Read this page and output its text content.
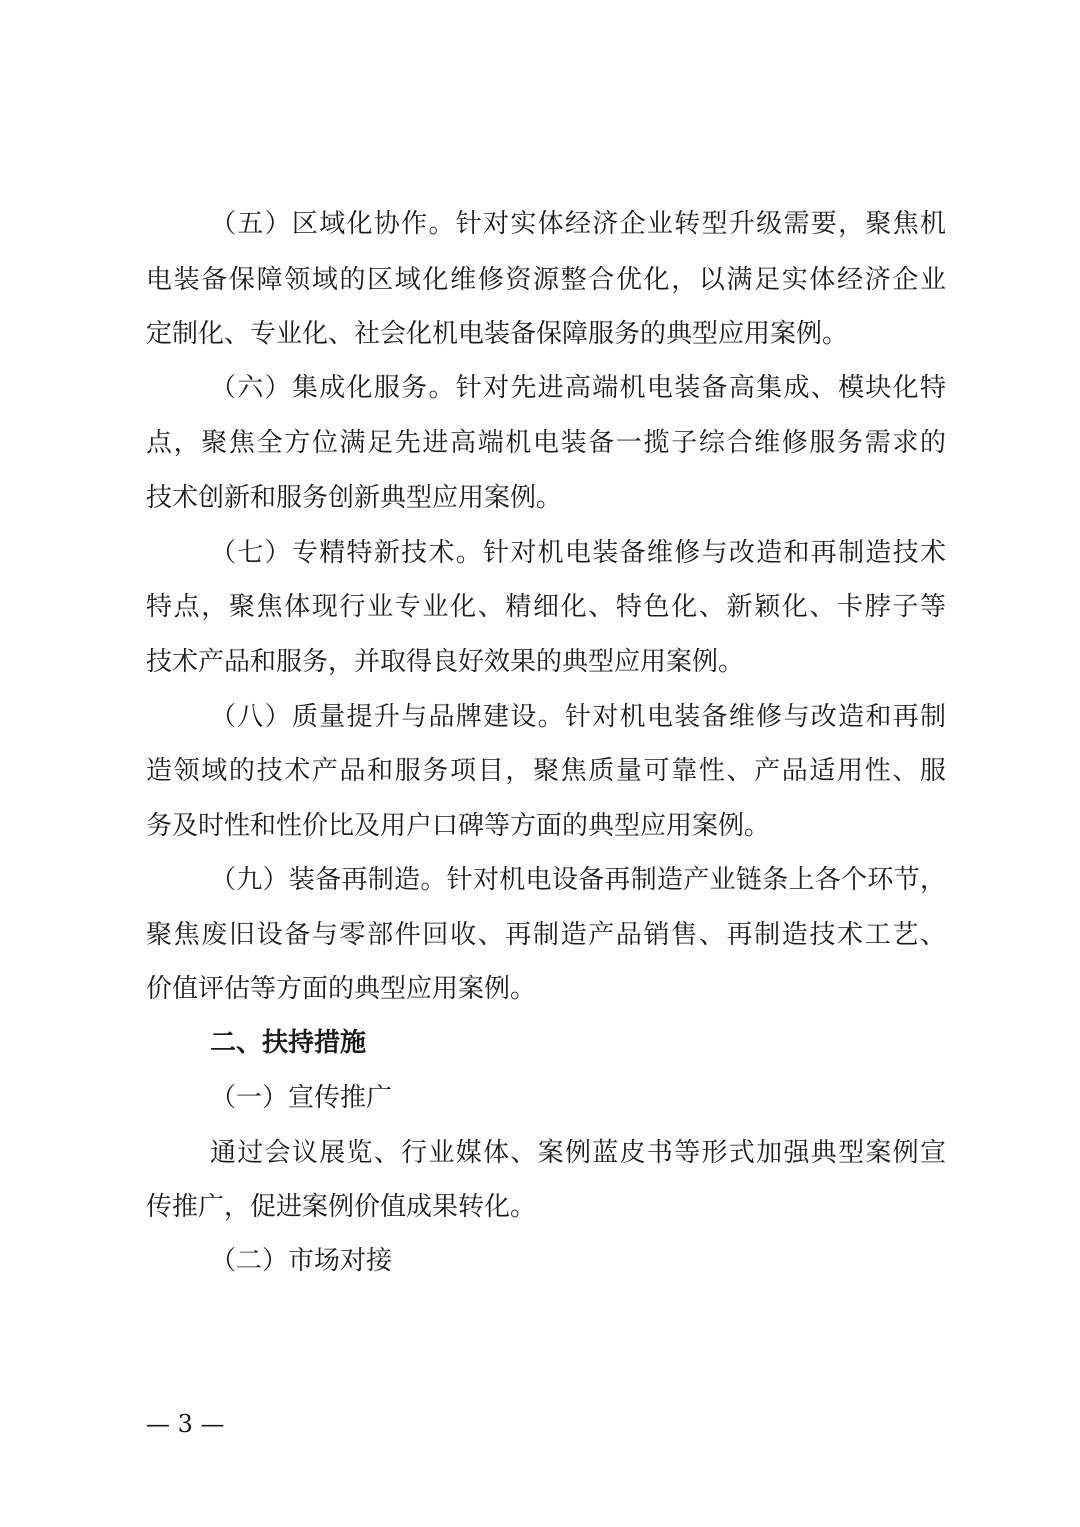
（五）区域化协作。针对实体经济企业转型升级需要，聚焦机
电装备保障领域的区域化维修资源整合优化，以满足实体经济企业
定制化、专业化、社会化机电装备保障服务的典型应用案例。
（六）集成化服务。针对先进高端机电装备高集成、模块化特
点，聚焦全方位满足先进高端机电装备一揽子综合维修服务需求的
技术创新和服务创新典型应用案例。
（七）专精特新技术。针对机电装备维修与改造和再制造技术
特点，聚焦体现行业专业化、精细化、特色化、新颖化、卡脖子等
技术产品和服务，并取得良好效果的典型应用案例。
（八）质量提升与品牌建设。针对机电装备维修与改造和再制
造领域的技术产品和服务项目，聚焦质量可靠性、产品适用性、服
务及时性和性价比及用户口碑等方面的典型应用案例。
（九）装备再制造。针对机电设备再制造产业链条上各个环节，
聚焦废旧设备与零部件回收、再制造产品销售、再制造技术工艺、
价值评估等方面的典型应用案例。
二、扶持措施
（一）宣传推广
通过会议展览、行业媒体、案例蓝皮书等形式加强典型案例宣
传推广，促进案例价值成果转化。
（二）市场对接
— 3 —
